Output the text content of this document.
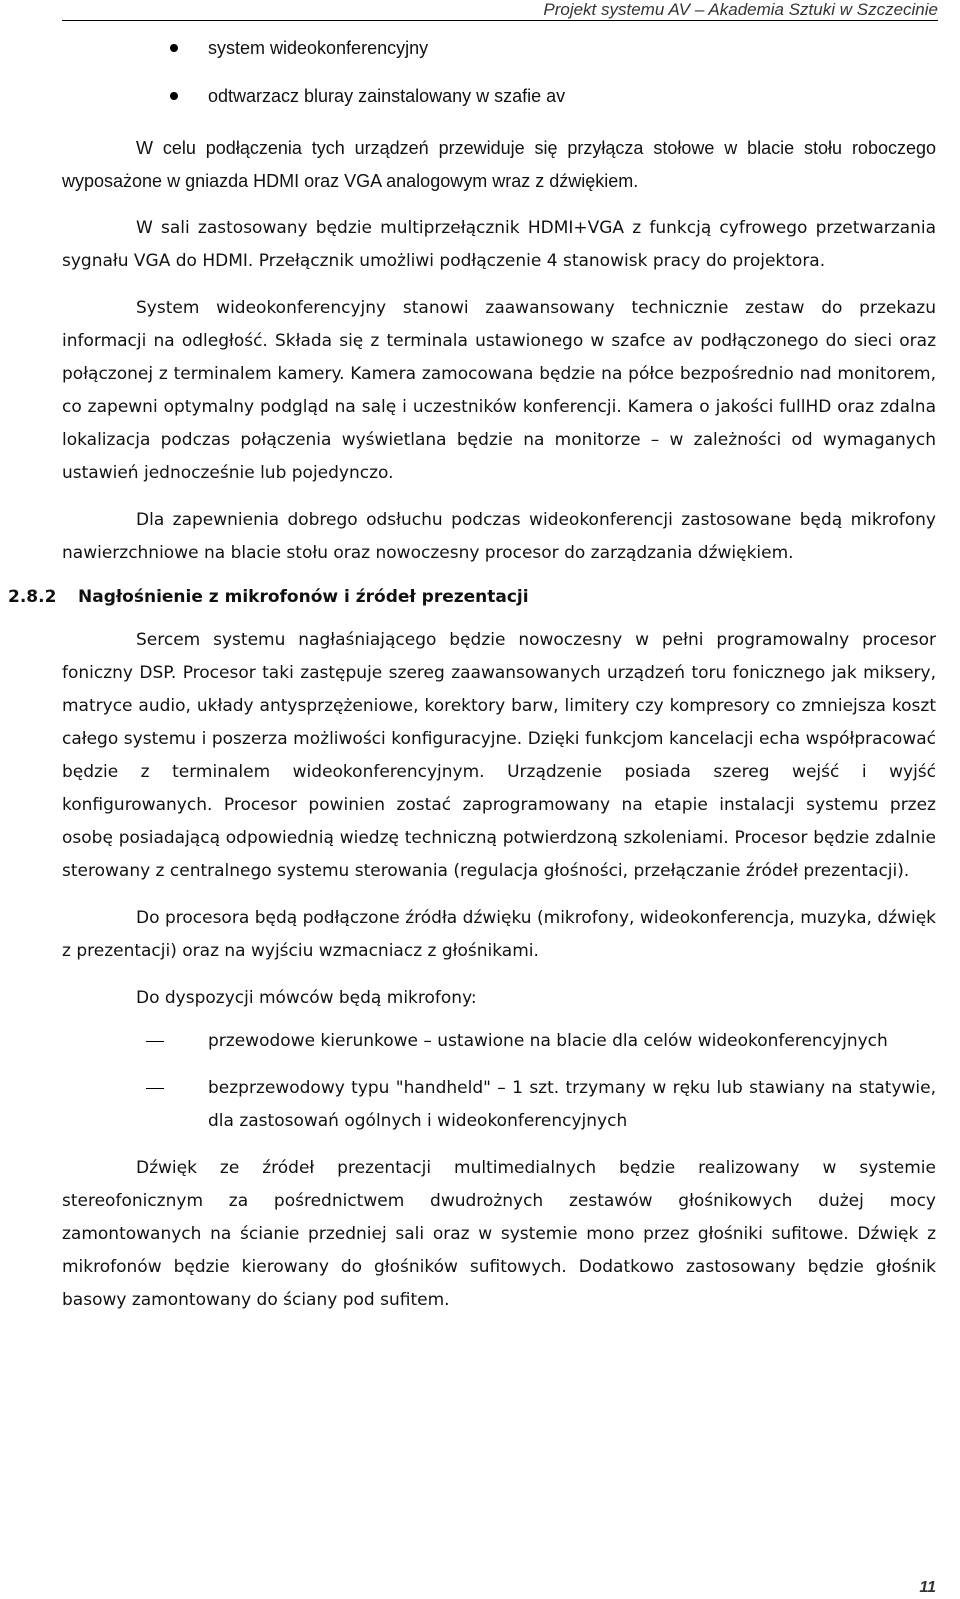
Projekt systemu AV – Akademia Sztuki w Szczecinie
system wideokonferencyjny
odtwarzacz bluray zainstalowany w szafie av

W celu podłączenia tych urządzeń przewiduje się przyłącza stołowe w blacie stołu roboczego wyposażone w gniazda HDMI oraz VGA analogowym wraz z dźwiękiem.

W sali zastosowany będzie multiprzełącznik HDMI+VGA z funkcją cyfrowego przetwarzania sygnału VGA do HDMI. Przełącznik umożliwi podłączenie 4 stanowisk pracy do projektora.

System wideokonferencyjny stanowi zaawansowany technicznie zestaw do przekazu informacji na odległość. Składa się z terminala ustawionego w szafce av podłączonego do sieci oraz połączonej z terminalem kamery. Kamera zamocowana będzie na półce bezpośrednio nad monitorem, co zapewni optymalny podgląd na salę i uczestników konferencji. Kamera o jakości fullHD oraz zdalna lokalizacja podczas połączenia wyświetlana będzie na monitorze – w zależności od wymaganych ustawień jednocześnie lub pojedynczo.

Dla zapewnienia dobrego odsłuchu podczas wideokonferencji zastosowane będą mikrofony nawierzchniowe na blacie stołu oraz nowoczesny procesor do zarządzania dźwiękiem.

2.8.2 Nagłośnienie z mikrofonów i źródeł prezentacji

Sercem systemu nagłaśniającego będzie nowoczesny w pełni programowalny procesor foniczny DSP. Procesor taki zastępuje szereg zaawansowanych urządzeń toru fonicznego jak miksery, matryce audio, układy antysprzężeniowe, korektory barw, limitery czy kompresory co zmniejsza koszt całego systemu i poszerza możliwości konfiguracyjne. Dzięki funkcjom kancelacji echa współpracować będzie z terminalem wideokonferencyjnym. Urządzenie posiada szereg wejść i wyjść konfigurowanych. Procesor powinien zostać zaprogramowany na etapie instalacji systemu przez osobę posiadającą odpowiednią wiedzę techniczną potwierdzoną szkoleniami. Procesor będzie zdalnie sterowany z centralnego systemu sterowania (regulacja głośności, przełączanie źródeł prezentacji).

Do procesora będą podłączone źródła dźwięku (mikrofony, wideokonferencja, muzyka, dźwięk z prezentacji) oraz na wyjściu wzmacniacz z głośnikami.

Do dyspozycji mówców będą mikrofony:

przewodowe kierunkowe – ustawione na blacie dla celów wideokonferencyjnych
bezprzewodowy typu "handheld" – 1 szt. trzymany w ręku lub stawiany na statywie, dla zastosowań ogólnych i wideokonferencyjnych

Dźwięk ze źródeł prezentacji multimedialnych będzie realizowany w systemie stereofonicznym za pośrednictwem dwudrożnych zestawów głośnikowych dużej mocy zamontowanych na ścianie przedniej sali oraz w systemie mono przez głośniki sufitowe. Dźwięk z mikrofonów będzie kierowany do głośników sufitowych. Dodatkowo zastosowany będzie głośnik basowy zamontowany do ściany pod sufitem.

11
